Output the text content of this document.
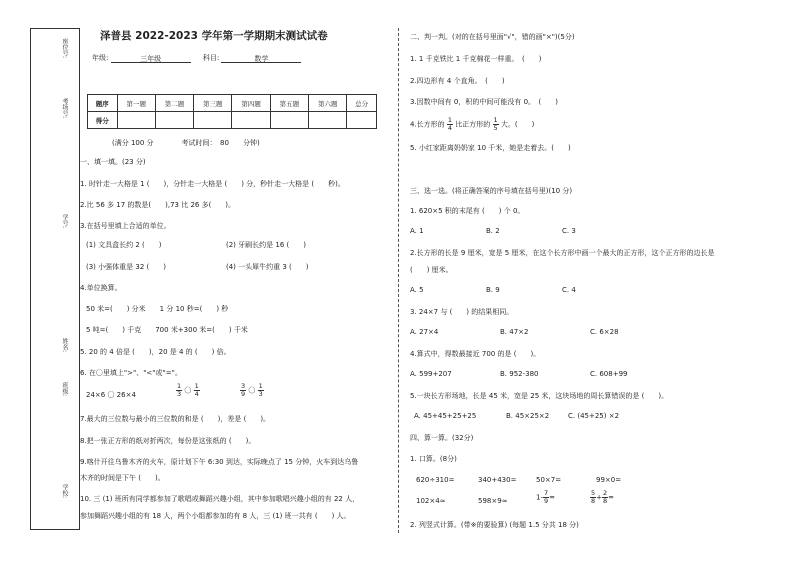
座位号:
考场号:
学号:
姓名:
班级:
学校:
泽普县 2022-2023 学年第一学期期末测试试卷
年级:	三年级	科目:	数学
题序	第一题	第二题	第三题	第四题	第五题	第六题	总分
得分							
(满分 100 分　　　　考试时间：　80　　分钟)
一、填一填。(23 分)
1. 时针走一大格是 1 (　　)，分针走一大格是 (　　) 分，秒针走一大格是 (　　秒)。
2.比 56 多 17 的数是(　　),73 比 26 多(　　)。
3.在括号里填上合适的单位。
(1) 文具盒长约 2 (　　)	(2) 牙刷长约是 16 (　　)
(3) 小强体重是 32 (　　)	(4) 一头犀牛约重 3 (　　)
4.单位换算。
50 米=(　　) 分米　　1 分 10 秒=(　　) 秒
5 吨=(　　) 千克　　700 米+300 米=(　　) 千米
5. 20 的 4 倍是 (　　)，20 是 4 的 (　　) 倍。
6. 在〇里填上">"、"<"或"="。
24×6 〇 26×4	$\frac{1}{3}$ 〇 $\frac{1}{4}$	$\frac{3}{9}$ 〇 $\frac{1}{3}$
7.最大的三位数与最小的三位数的和是 (　　)，差是 (　　)。
8.把一张正方形的纸对折两次，每份是这张纸的 (　　)。
9.喀什开往乌鲁木齐的火车，原计划下午 6:30 到达，实际晚点了 15 分钟，火车到达乌鲁
木齐的时间是下午 (　　)。
10. 三 (1) 班所有同学都参加了歌唱或舞蹈兴趣小组，其中参加歌唱兴趣小组的有 22 人，
参加舞蹈兴趣小组的有 18 人，两个小组都参加的有 8 人，三 (1) 班一共有 (　　) 人。
二、判一判。(对的在括号里面"√"，错的画"×")(5分)
1. 1 千克铁比 1 千克棉花一样重。　(　　)
2.四边形有 4 个直角。　(　　)
3.因数中间有 0，积的中间可能没有 0。　(　　)
4.长方形的 $\frac{1}{4}$ 比正方形的 $\frac{1}{5}$ 大。(　　)
5. 小红家距离奶奶家 10 千米，她是走着去。(　　)
三、选一选。(将正确答案的序号填在括号里)(10 分)
1. 620×5 积的末尾有 (　　) 个 0。
A. 1	B. 2	C. 3
2.长方形的长是 9 厘米，宽是 5 厘米，在这个长方形中画一个最大的正方形，这个正方形的边长是
(　　) 厘米。
A. 5	B. 9	C. 4
3. 24×7 与 (　　) 的结果相同。
A. 27×4	B. 47×2	C. 6×28
4.算式中，得数最接近 700 的是 (　　)。
A. 599+207	B. 952-380	C. 608+99
5.一块长方形场地，长是 45 米，宽是 25 米，这块场地的周长算错误的是 (　　)。
A. 45+45+25+25	B. 45×25×2	C. (45+25) ×2
四、算一算。(32分)
1. 口算。(8分)
620÷310=	340+430=	50×7=	99×0=
102×4≈	598×9≈	$1- \frac{7}{9}$ =	$\frac{5}{8} + \frac{2}{8}$ =
2. 列竖式计算。(带※的要验算) (每题 1.5 分共 18 分)
